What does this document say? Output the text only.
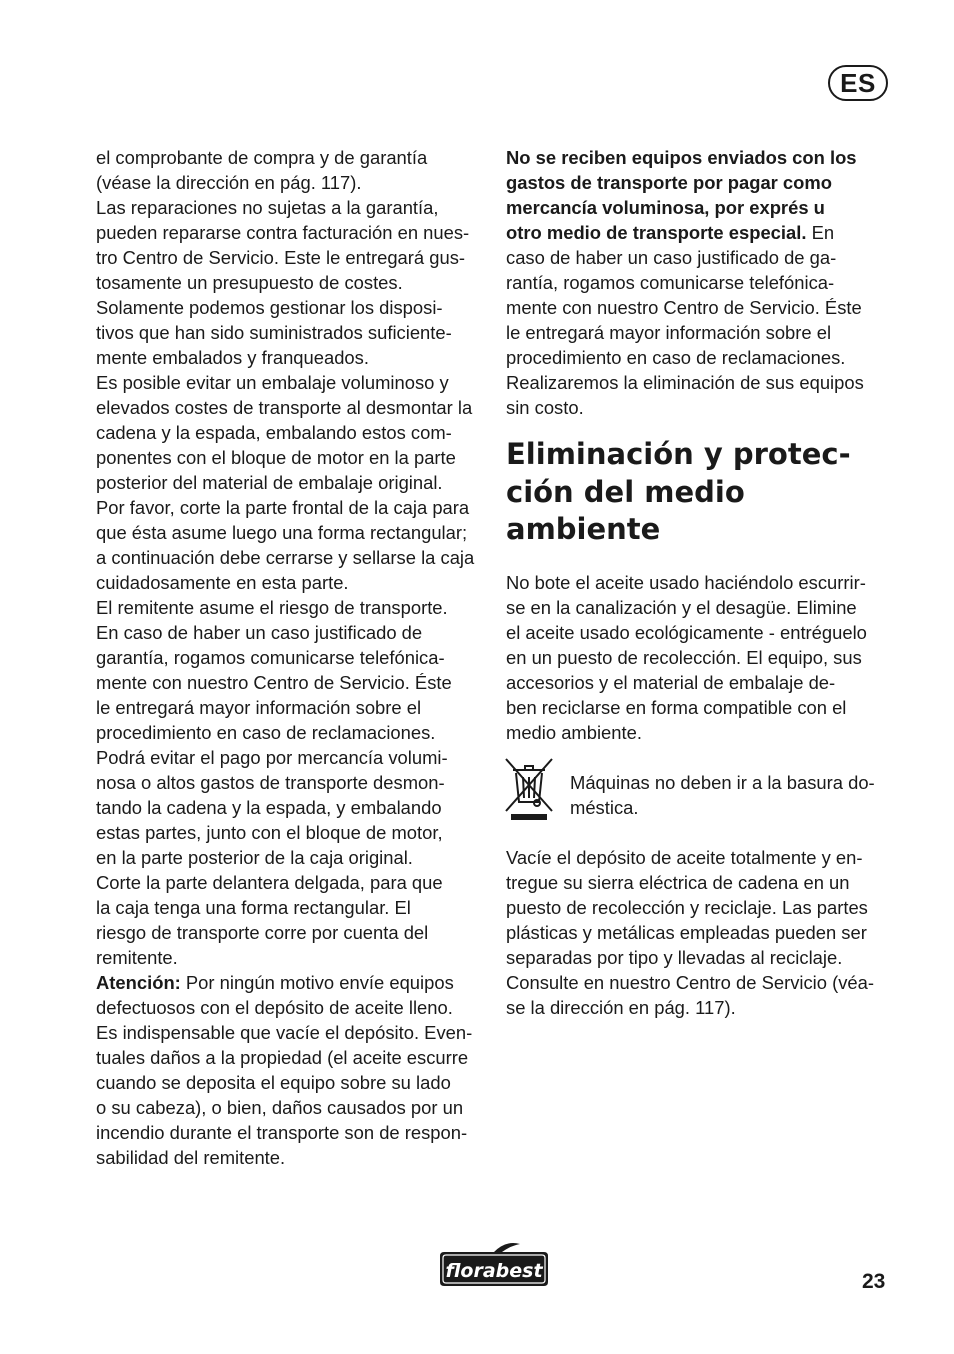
ES
el comprobante de compra y de garantía
(véase la dirección en pág. 117).
Las reparaciones no sujetas a la garantía,
pueden repararse contra facturación en nues-
tro Centro de Servicio. Este le entregará gus-
tosamente un presupuesto de costes.
Solamente podemos gestionar los disposi-
tivos que han sido suministrados suficiente-
mente embalados y franqueados.
Es posible evitar un embalaje voluminoso y
elevados costes de transporte al desmontar la
cadena y la espada, embalando estos com-
ponentes con el bloque de motor en la parte
posterior del material de embalaje original.
Por favor, corte la parte frontal de la caja para
que ésta asume luego una forma rectangular;
a continuación debe cerrarse y sellarse la caja
cuidadosamente en esta parte.
El remitente asume el riesgo de transporte.
En caso de haber un caso justificado de
garantía, rogamos comunicarse telefónica-
mente con nuestro Centro de Servicio. Éste
le entregará mayor información sobre el
procedimiento en caso de reclamaciones.
Podrá evitar el pago por mercancía volumi-
nosa o altos gastos de transporte desmon-
tando la cadena y la espada, y embalando
estas partes, junto con el bloque de motor,
en la parte posterior de la caja original.
Corte la parte delantera delgada, para que
la caja tenga una forma rectangular. El
riesgo de transporte corre por cuenta del
remitente.
Atención: Por ningún motivo envíe equipos
defectuosos con el depósito de aceite lleno.
Es indispensable que vacíe el depósito. Even-
tuales daños a la propiedad (el aceite escurre
cuando se deposita el equipo sobre su lado
o su cabeza), o bien, daños causados por un
incendio durante el transporte son de respon-
sabilidad del remitente.
No se reciben equipos enviados con los
gastos de transporte por pagar como
mercancía voluminosa, por exprés u
otro medio de transporte especial. En
caso de haber un caso justificado de ga-
rantía, rogamos comunicarse telefónica-
mente con nuestro Centro de Servicio. Éste
le entregará mayor información sobre el
procedimiento en caso de reclamaciones.
Realizaremos la eliminación de sus equipos
sin costo.
Eliminación y protec-
ción del medio
ambiente
No bote el aceite usado haciéndolo escurrir-
se en la canalización y el desagüe. Elimine
el aceite usado ecológicamente - entréguelo
en un puesto de recolección. El equipo, sus
accesorios y el material de embalaje de-
ben reciclarse en forma compatible con el
medio ambiente.
Máquinas no deben ir a la basura do-
méstica.
Vacíe el depósito de aceite totalmente y en-
tregue su sierra eléctrica de cadena en un
puesto de recolección y reciclaje. Las partes
plásticas y metálicas empleadas pueden ser
separadas por tipo y llevadas al reciclaje.
Consulte en nuestro Centro de Servicio (véa-
se la dirección en pág. 117).
florabest	23
